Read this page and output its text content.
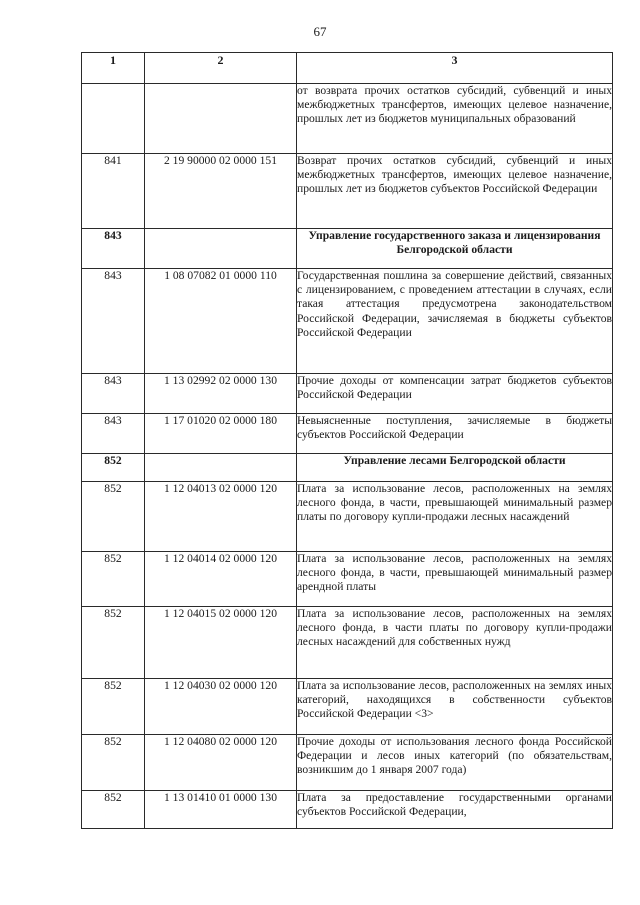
67
1	2	3
		от возврата прочих остатков субсидий, субвенций и иных межбюджетных трансфертов, имеющих целевое назначение, прошлых лет из бюджетов муниципальных образований
841	2 19 90000 02 0000 151	Возврат прочих остатков субсидий, субвенций и иных межбюджетных трансфертов, имеющих целевое назначение, прошлых лет из бюджетов субъектов Российской Федерации
843		Управление государственного заказа и лицензирования Белгородской области
843	1 08 07082 01 0000 110	Государственная пошлина за совершение действий, связанных с лицензированием, с проведением аттестации в случаях, если такая аттестация предусмотрена законодательством Российской Федерации, зачисляемая в бюджеты субъектов Российской Федерации
843	1 13 02992 02 0000 130	Прочие доходы от компенсации затрат бюджетов субъектов Российской Федерации
843	1 17 01020 02 0000 180	Невыясненные поступления, зачисляемые в бюджеты субъектов Российской Федерации
852		Управление лесами Белгородской области
852	1 12 04013 02 0000 120	Плата за использование лесов, расположенных на землях лесного фонда, в части, превышающей минимальный размер платы по договору купли-продажи лесных насаждений
852	1 12 04014 02 0000 120	Плата за использование лесов, расположенных на землях лесного фонда, в части, превышающей минимальный размер арендной платы
852	1 12 04015 02 0000 120	Плата за использование лесов, расположенных на землях лесного фонда, в части платы по договору купли-продажи лесных насаждений для собственных нужд
852	1 12 04030 02 0000 120	Плата за использование лесов, расположенных на землях иных категорий, находящихся в собственности субъектов Российской Федерации <3>
852	1 12 04080 02 0000 120	Прочие доходы от использования лесного фонда Российской Федерации и лесов иных категорий (по обязательствам, возникшим до 1 января 2007 года)
852	1 13 01410 01 0000 130	Плата за предоставление государственными органами субъектов Российской Федерации,
